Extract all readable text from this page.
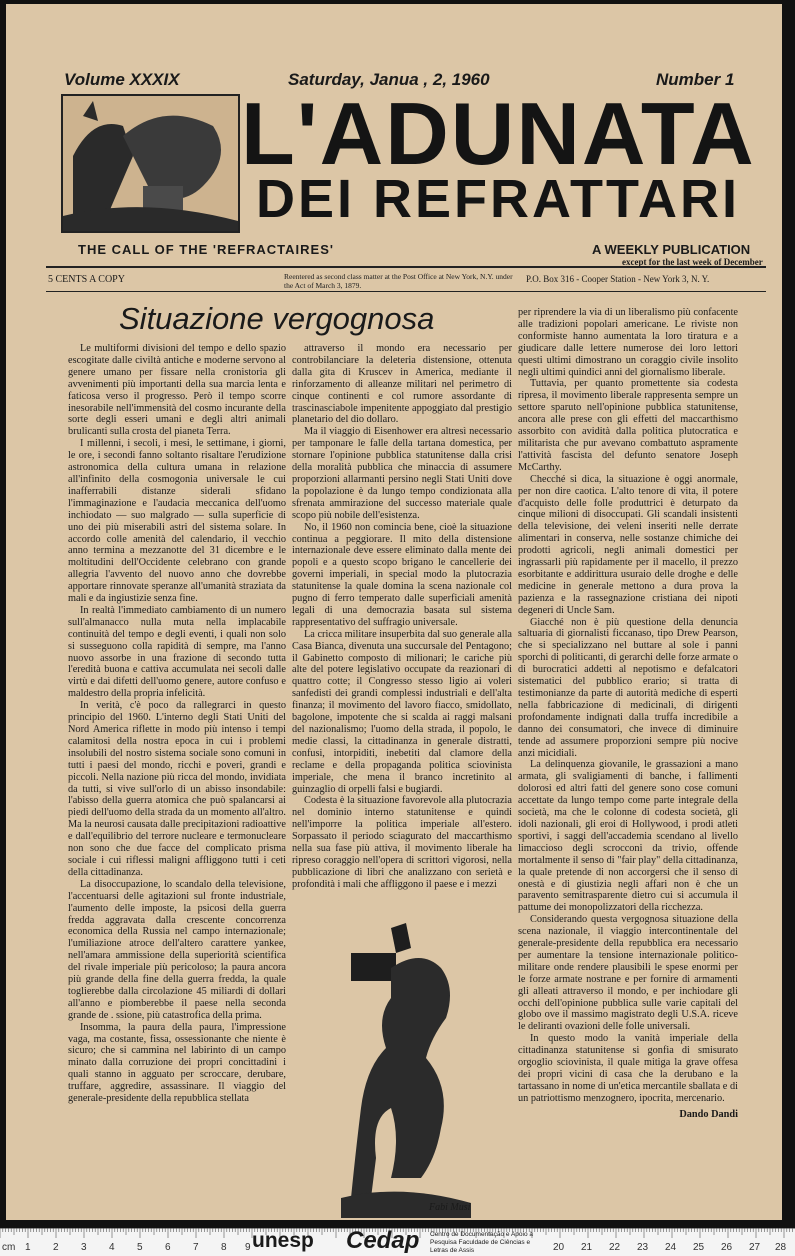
Volume XXXIX	Saturday, Janua , 2, 1960	Number 1
L'ADUNATA
DEI REFRATTARI
THE CALL OF THE 'REFRACTAIRES'	A WEEKLY PUBLICATION
except for the last week of December
5 CENTS A COPY	Reentered as second class matter at the Post Office at New York, N.Y. under the Act of March 3, 1879.
P.O. Box 316 - Cooper Station - New York 3, N. Y.
Situazione vergognosa

Le multiformi divisioni del tempo e dello spazio escogitate dalle civiltà antiche e moderne servono al genere umano per fissare nella cronistoria gli avvenimenti più importanti della sua marcia lenta e faticosa verso il progresso. Però il tempo scorre inesorabile nell'immensità del cosmo incurante della sorte degli esseri umani e degli altri animali brulicanti sulla crosta del pianeta Terra.

I millenni, i secoli, i mesi, le settimane, i giorni, le ore, i secondi fanno soltanto risaltare l'erudizione astronomica della cultura umana in relazione all'infinito della cosmogonia universale le cui inafferrabili distanze siderali sfidano l'immaginazione e l'audacia meccanica dell'uomo inchiodato — suo malgrado — sulla superficie di uno dei più miserabili astri del sistema solare. In accordo colle amenità del calendario, il vecchio anno termina a mezzanotte del 31 dicembre e le moltitudini dell'Occidente celebrano con grande allegria l'avvento del nuovo anno che dovrebbe apportare rinnovate speranze all'umanità straziata da mali e da ingiustizie senza fine.

In realtà l'immediato cambiamento di un numero sull'almanacco nulla muta nella implacabile continuità del tempo e degli eventi, i quali non solo si susseguono colla rapidità di sempre, ma l'anno nuovo assorbe in una frazione di secondo tutta l'eredità buona e cattiva accumulata nei secoli dalle virtù e dai difetti dell'uomo genere, autore confuso e maldestro della propria infelicità.

In verità, c'è poco da rallegrarci in questo principio del 1960. L'interno degli Stati Uniti del Nord America riflette in modo più intenso i tempi calamitosi della nostra epoca in cui i problemi insolubili del nostro sistema sociale sono comuni in tutti i paesi del mondo, ricchi e poveri, grandi e piccoli. Nella nazione più ricca del mondo, invidiata da tutti, si vive sull'orlo di un abisso insondabile: l'abisso della guerra atomica che può spalancarsi ai piedi dell'uomo della strada da un momento all'altro. Ma la neurosi causata dalle precipitazioni radioattive e dall'equilibrio del terrore nucleare e termonucleare non sono che due facce del complicato prisma sociale i cui riflessi maligni affliggono tutti i ceti della cittadinanza.

La disoccupazione, lo scandalo della televisione, l'accentuarsi delle agitazioni sul fronte industriale, l'aumento delle imposte, la psicosi della guerra fredda aggravata dalla crescente concorrenza economica della Russia nel campo internazionale; l'umiliazione atroce dell'altero carattere yankee, nell'amara ammissione della superiorità scientifica del rivale imperiale più pericoloso; la paura ancora più grande della fine della guerra fredda, la quale toglierebbe dalla circolazione 45 miliardi di dollari all'anno e piomberebbe il paese nella seconda grande de . ssione, più catastrofica della prima.

Insomma, la paura della paura, l'impressione vaga, ma costante, fissa, ossessionante che niente è sicuro; che si cammina nel labirinto di un campo minato dalla corruzione dei propri concittadini i quali stanno in agguato per scroccare, derubare, truffare, aggredire, assassinare. Il viaggio del generale-presidente della repubblica stellata

attraverso il mondo era necessario per controbilanciare la deleteria distensione, ottenuta dalla gita di Kruscev in America, mediante il rinforzamento di alleanze militari nel perimetro di cinque continenti e col rumore assordante di trascinasciabole impenitente appoggiato dal prestigio planetario del dio dollaro.

Ma il viaggio di Eisenhower era altresì necessario per tamponare le falle della tartana domestica, per stornare l'opinione pubblica statunitense dalla crisi della moralità pubblica che minaccia di assumere proporzioni allarmanti persino negli Stati Uniti dove la popolazione è da lungo tempo condizionata alla sfrenata ammirazione del successo materiale quale scopo più nobile dell'esistenza.

No, il 1960 non comincia bene, cioè la situazione continua a peggiorare. Il mito della distensione internazionale deve essere eliminato dalla mente dei popoli e a questo scopo brigano le cancellerie dei governi imperiali, in special modo la plutocrazia statunitense la quale domina la scena nazionale col pugno di ferro temperato dalle superficiali amenità legali di una democrazia basata sul sistema rappresentativo del suffragio universale.

La cricca militare insuperbita dal suo generale alla Casa Bianca, divenuta una succursale del Pentagono; il Gabinetto composto di milionari; le cariche più alte del potere legislativo occupate da reazionari di quattro cotte; il Congresso stesso ligio ai voleri sanfedisti dei grandi complessi industriali e dell'alta finanza; il movimento del lavoro fiacco, smidollato, bagolone, impotente che si scalda ai raggi malsani del nazionalismo; l'uomo della strada, il popolo, le medie classi, la cittadinanza in generale distratti, confusi, intorpiditi, inebetiti dal clamore della reclame e della propaganda politica sciovinista imperiale, che mena il branco incretinito al guinzaglio di orpelli falsi e bugiardi.

Codesta è la situazione favorevole alla plutocrazia nel dominio interno statunitense e quindi nell'imporre la politica imperiale all'estero. Sorpassato il periodo sciagurato del maccarthismo nella sua fase più attiva, il movimento liberale ha ripreso coraggio nell'opera di scrittori vigorosi, nella pubblicazione di libri che analizzano con serietà e profondità i mali che affliggono il paese e i mezzi

Fabi Musi

per riprendere la via di un liberalismo più confacente alle tradizioni popolari americane. Le riviste non conformiste hanno aumentata la loro tiratura e a giudicare dalle lettere numerose dei loro lettori questi ultimi dimostrano un coraggio civile insolito negli ultimi quindici anni del giornalismo liberale.

Tuttavia, per quanto promettente sia codesta ripresa, il movimento liberale rappresenta sempre un settore sparuto nell'opinione pubblica statunitense, ancora alle prese con gli effetti del maccarthismo assorbito con avidità dalla politica plutocratica e militarista che pur avevano combattuto aspramente l'attività fascista del defunto senatore Joseph McCarthy.

Checché si dica, la situazione è oggi anormale, per non dire caotica. L'alto tenore di vita, il potere d'acquisto delle folle produttrici è deturpato da cinque milioni di disoccupati. Gli scandali insistenti della televisione, dei veleni inseriti nelle derrate alimentari in conserva, nelle sostanze chimiche dei prodotti agricoli, negli animali domestici per ingrassarli più rapidamente per il macello, il prezzo esorbitante e addirittura usuraio delle droghe e delle medicine in generale mettono a dura prova la pazienza e la rassegnazione cristiana dei nipoti degeneri di Uncle Sam.

Giacché non è più questione della denuncia saltuaria di giornalisti ficcanaso, tipo Drew Pearson, che si specializzano nel buttare al sole i panni sporchi di politicanti, di gerarchi delle forze armate o di burocratici addetti al nepotismo e defalcatori sistematici del pubblico erario; si tratta di testimonianze da parte di autorità mediche di esperti nella fabbricazione di medicinali, di dirigenti profondamente indignati dalla truffa incredibile a danno dei consumatori, che invece di diminuire tende ad assumere proporzioni sempre più nocive anzi micidiali.

La delinquenza giovanile, le grassazioni a mano armata, gli svaligiamenti di banche, i fallimenti dolorosi ed altri fatti del genere sono cose comuni accettate da lungo tempo come parte integrale della società, ma che le colonne di codesta società, gli idoli nazionali, gli eroi di Hollywood, i prodi atleti sportivi, i saggi dell'accademia scendano al livello limaccioso degli scrocconi da trivio, offende mortalmente il senso di "fair play" della cittadinanza, la quale pretende di non accorgersi che il senso di onestà e di giustizia negli affari non è che un paravento semitrasparente dietro cui si accumula il pattume dei monopolizzatori della ricchezza.

Considerando questa vergognosa situazione della scena nazionale, il viaggio intercontinentale del generale-presidente della repubblica era necessario per aumentare la tensione internazionale politico-militare onde rendere plausibili le spese enormi per le forze armate nostrane e per fornire di armamenti gli alleati attraverso il mondo, e per inchiodare gli occhi dell'opinione pubblica sulle varie capitali del globo ove il massimo magistrato degli U.S.A. riceve le deliranti ovazioni delle folle universali.

In questo modo la vanità imperiale della cittadinanza statunitense si gonfia di smisurato orgoglio sciovinista, il quale mitiga la grave offesa dei propri vicini di casa che la derubano e la tartassano in nome di un'etica mercantile sballata e di un patriottismo menzognero, ipocrita, mercenario.

Dando Dandi
cm 1 2 3 4 5 6 7 8 9 unesp Cedap Centro de Documentação e Apoio à Pesquisa Faculdade de Ciências e Letras de Assis	20 21 22 23 24 25 26 27 28
